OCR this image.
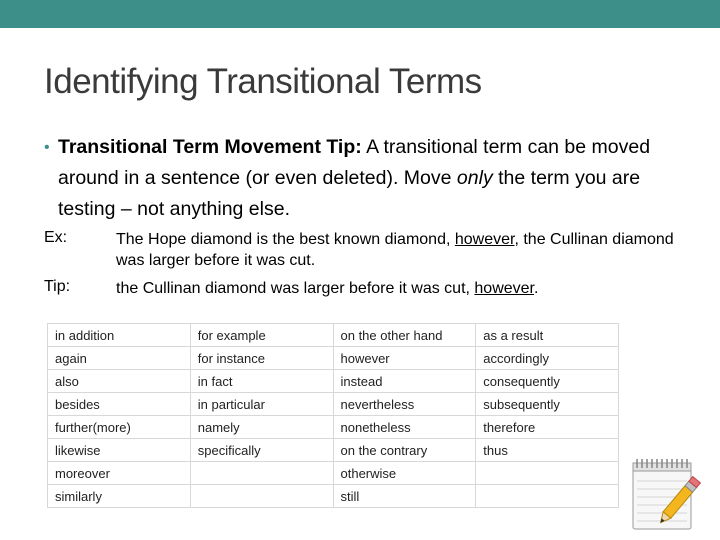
Identifying Transitional Terms
• Transitional Term Movement Tip: A transitional term can be moved around in a sentence (or even deleted). Move only the term you are testing – not anything else.
Ex:	The Hope diamond is the best known diamond, however, the Cullinan diamond was larger before it was cut.
Tip:	the Cullinan diamond was larger before it was cut, however.
in addition	for example	on the other hand	as a result
again	for instance	however	accordingly
also	in fact	instead	consequently
besides	in particular	nevertheless	subsequently
further(more)	namely	nonetheless	therefore
likewise	specifically	on the contrary	thus
moreover		otherwise	
similarly		still	
